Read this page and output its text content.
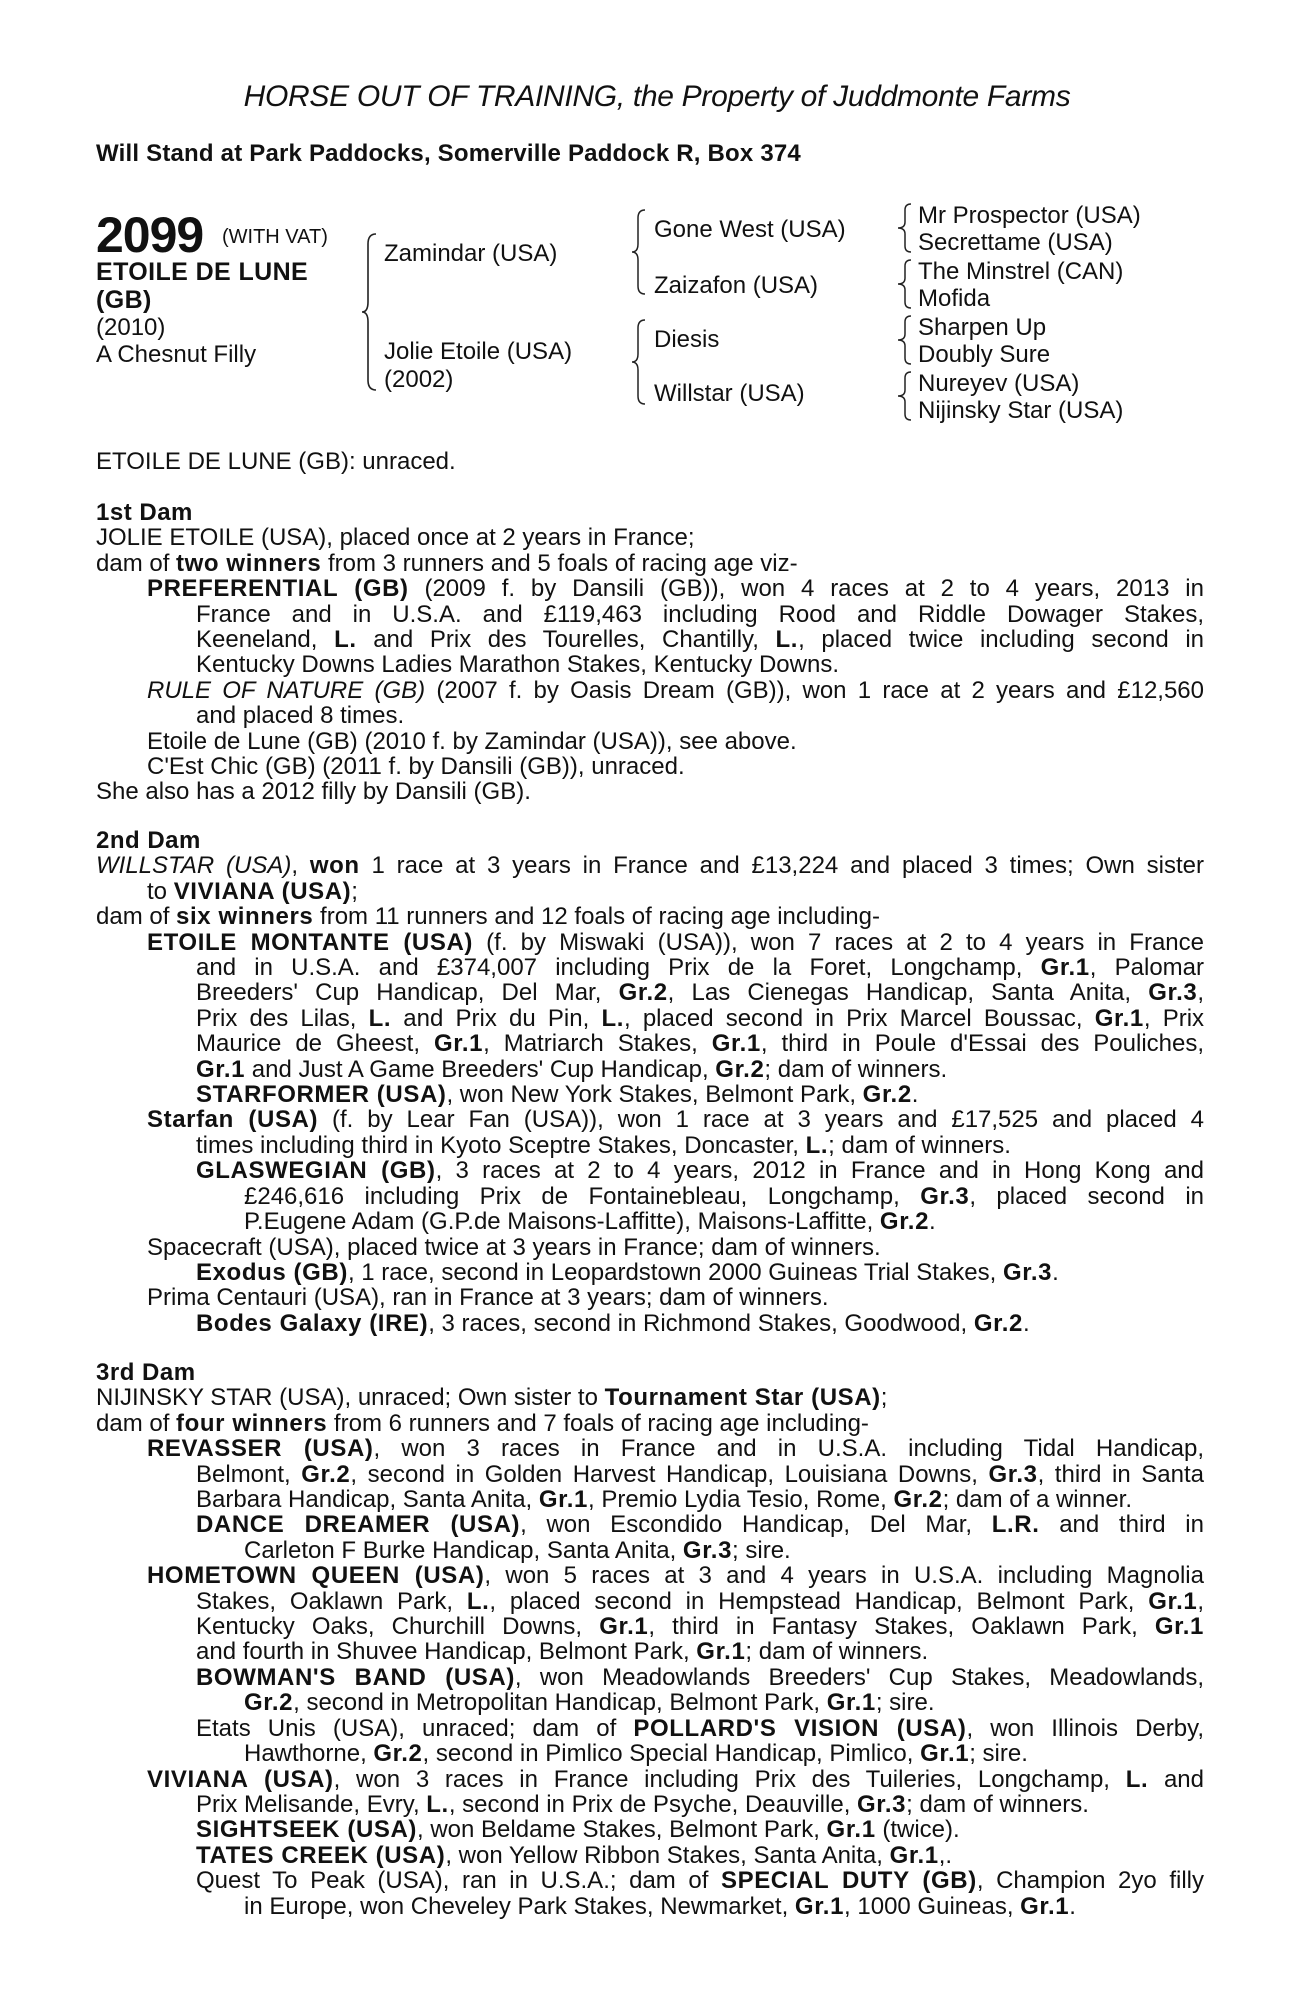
HORSE OUT OF TRAINING, the Property of Juddmonte Farms
Will Stand at Park Paddocks, Somerville Paddock R, Box 374
2099 (WITH VAT)
ETOILE DE LUNE
(GB)
(2010)
A Chesnut Filly
Zamindar (USA)
Jolie Etoile (USA)
(2002)
Gone West (USA)
Zaizafon (USA)
Diesis
Willstar (USA)
Mr Prospector (USA)
Secrettame (USA)
The Minstrel (CAN)
Mofida
Sharpen Up
Doubly Sure
Nureyev (USA)
Nijinsky Star (USA)
ETOILE DE LUNE (GB): unraced.
1st Dam
JOLIE ETOILE (USA), placed once at 2 years in France;
dam of two winners from 3 runners and 5 foals of racing age viz-
PREFERENTIAL (GB) (2009 f. by Dansili (GB)), won 4 races at 2 to 4 years, 2013 in
France and in U.S.A. and £119,463 including Rood and Riddle Dowager Stakes,
Keeneland, L. and Prix des Tourelles, Chantilly, L., placed twice including second in
Kentucky Downs Ladies Marathon Stakes, Kentucky Downs.
RULE OF NATURE (GB) (2007 f. by Oasis Dream (GB)), won 1 race at 2 years and £12,560
and placed 8 times.
Etoile de Lune (GB) (2010 f. by Zamindar (USA)), see above.
C'Est Chic (GB) (2011 f. by Dansili (GB)), unraced.
She also has a 2012 filly by Dansili (GB).
2nd Dam
WILLSTAR (USA), won 1 race at 3 years in France and £13,224 and placed 3 times; Own sister
to VIVIANA (USA);
dam of six winners from 11 runners and 12 foals of racing age including-
ETOILE MONTANTE (USA) (f. by Miswaki (USA)), won 7 races at 2 to 4 years in France
and in U.S.A. and £374,007 including Prix de la Foret, Longchamp, Gr.1, Palomar
Breeders' Cup Handicap, Del Mar, Gr.2, Las Cienegas Handicap, Santa Anita, Gr.3,
Prix des Lilas, L. and Prix du Pin, L., placed second in Prix Marcel Boussac, Gr.1, Prix
Maurice de Gheest, Gr.1, Matriarch Stakes, Gr.1, third in Poule d'Essai des Pouliches,
Gr.1 and Just A Game Breeders' Cup Handicap, Gr.2; dam of winners.
STARFORMER (USA), won New York Stakes, Belmont Park, Gr.2.
Starfan (USA) (f. by Lear Fan (USA)), won 1 race at 3 years and £17,525 and placed 4
times including third in Kyoto Sceptre Stakes, Doncaster, L.; dam of winners.
GLASWEGIAN (GB), 3 races at 2 to 4 years, 2012 in France and in Hong Kong and
£246,616 including Prix de Fontainebleau, Longchamp, Gr.3, placed second in
P.Eugene Adam (G.P.de Maisons-Laffitte), Maisons-Laffitte, Gr.2.
Spacecraft (USA), placed twice at 3 years in France; dam of winners.
Exodus (GB), 1 race, second in Leopardstown 2000 Guineas Trial Stakes, Gr.3.
Prima Centauri (USA), ran in France at 3 years; dam of winners.
Bodes Galaxy (IRE), 3 races, second in Richmond Stakes, Goodwood, Gr.2.
3rd Dam
NIJINSKY STAR (USA), unraced; Own sister to Tournament Star (USA);
dam of four winners from 6 runners and 7 foals of racing age including-
REVASSER (USA), won 3 races in France and in U.S.A. including Tidal Handicap,
Belmont, Gr.2, second in Golden Harvest Handicap, Louisiana Downs, Gr.3, third in Santa
Barbara Handicap, Santa Anita, Gr.1, Premio Lydia Tesio, Rome, Gr.2; dam of a winner.
DANCE DREAMER (USA), won Escondido Handicap, Del Mar, L.R. and third in
Carleton F Burke Handicap, Santa Anita, Gr.3; sire.
HOMETOWN QUEEN (USA), won 5 races at 3 and 4 years in U.S.A. including Magnolia
Stakes, Oaklawn Park, L., placed second in Hempstead Handicap, Belmont Park, Gr.1,
Kentucky Oaks, Churchill Downs, Gr.1, third in Fantasy Stakes, Oaklawn Park, Gr.1
and fourth in Shuvee Handicap, Belmont Park, Gr.1; dam of winners.
BOWMAN'S BAND (USA), won Meadowlands Breeders' Cup Stakes, Meadowlands,
Gr.2, second in Metropolitan Handicap, Belmont Park, Gr.1; sire.
Etats Unis (USA), unraced; dam of POLLARD'S VISION (USA), won Illinois Derby,
Hawthorne, Gr.2, second in Pimlico Special Handicap, Pimlico, Gr.1; sire.
VIVIANA (USA), won 3 races in France including Prix des Tuileries, Longchamp, L. and
Prix Melisande, Evry, L., second in Prix de Psyche, Deauville, Gr.3; dam of winners.
SIGHTSEEK (USA), won Beldame Stakes, Belmont Park, Gr.1 (twice).
TATES CREEK (USA), won Yellow Ribbon Stakes, Santa Anita, Gr.1,.
Quest To Peak (USA), ran in U.S.A.; dam of SPECIAL DUTY (GB), Champion 2yo filly
in Europe, won Cheveley Park Stakes, Newmarket, Gr.1, 1000 Guineas, Gr.1.
